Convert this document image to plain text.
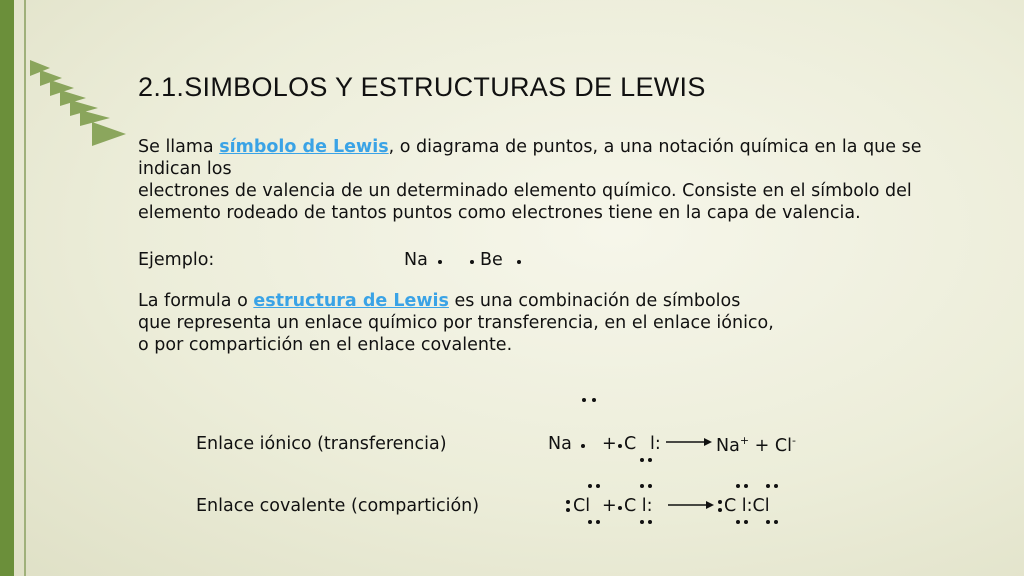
2.1.SIMBOLOS Y ESTRUCTURAS DE LEWIS
Se llama símbolo de Lewis, o diagrama de puntos, a una notación química en la que se indican los
electrones de valencia de un determinado elemento químico. Consiste en el símbolo del elemento rodeado de tantos puntos como electrones tiene en la capa de valencia.
Ejemplo:	Na	Be
La formula o estructura de Lewis es una combinación de símbolos que representa un enlace químico por transferencia, en el enlace iónico, o por compartición en el enlace covalente.
Enlace iónico (transferencia)	Na + C l:	Na+ + Cl-
Enlace covalente (compartición)	Cl + C l:	C l:Cl
